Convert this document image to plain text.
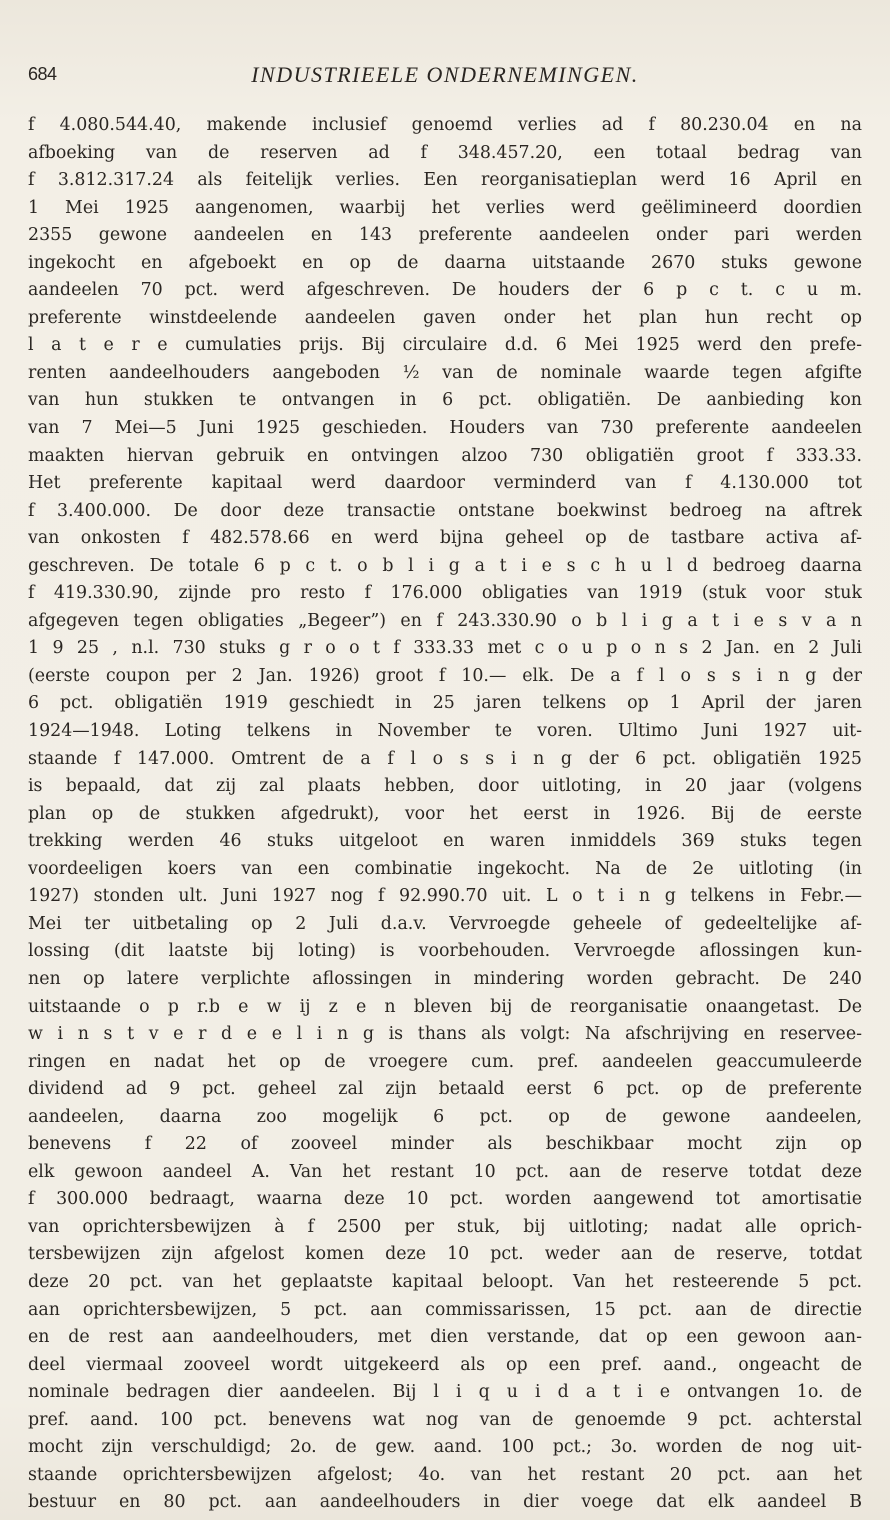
684	INDUSTRIEELE ONDERNEMINGEN.
f 4.080.544.40, makende inclusief genoemd verlies ad f 80.230.04 en na
afboeking van de reserven ad f 348.457.20, een totaal bedrag van
f 3.812.317.24 als feitelijk verlies. Een reorganisatieplan werd 16 April en
1 Mei 1925 aangenomen, waarbij het verlies werd geëlimineerd doordien
2355 gewone aandeelen en 143 preferente aandeelen onder pari werden
ingekocht en afgeboekt en op de daarna uitstaande 2670 stuks gewone
aandeelen 70 pct. werd afgeschreven. De houders der 6 p c t. c u m.
preferente winstdeelende aandeelen gaven onder het plan hun recht op
l a t e r e cumulaties prijs. Bij circulaire d.d. 6 Mei 1925 werd den prefe-
renten aandeelhouders aangeboden ½ van de nominale waarde tegen afgifte
van hun stukken te ontvangen in 6 pct. obligatiën. De aanbieding kon
van 7 Mei—5 Juni 1925 geschieden. Houders van 730 preferente aandeelen
maakten hiervan gebruik en ontvingen alzoo 730 obligatiën groot f 333.33.
Het preferente kapitaal werd daardoor verminderd van f 4.130.000 tot
f 3.400.000. De door deze transactie ontstane boekwinst bedroeg na aftrek
van onkosten f 482.578.66 en werd bijna geheel op de tastbare activa af-
geschreven. De totale 6 p c t. o b l i g a t i e s c h u l d bedroeg daarna
f 419.330.90, zijnde pro resto f 176.000 obligaties van 1919 (stuk voor stuk
afgegeven tegen obligaties „Begeer”) en f 243.330.90 o b l i g a t i e s v a n
1 9 25 , n.l. 730 stuks g r o o t f 333.33 met c o u p o n s 2 Jan. en 2 Juli
(eerste coupon per 2 Jan. 1926) groot f 10.— elk. De a f l o s s i n g der
6 pct. obligatiën 1919 geschiedt in 25 jaren telkens op 1 April der jaren
1924—1948. Loting telkens in November te voren. Ultimo Juni 1927 uit-
staande f 147.000. Omtrent de a f l o s s i n g der 6 pct. obligatiën 1925
is bepaald, dat zij zal plaats hebben, door uitloting, in 20 jaar (volgens
plan op de stukken afgedrukt), voor het eerst in 1926. Bij de eerste
trekking werden 46 stuks uitgeloot en waren inmiddels 369 stuks tegen
voordeeligen koers van een combinatie ingekocht. Na de 2e uitloting (in
1927) stonden ult. Juni 1927 nog f 92.990.70 uit. L o t i n g telkens in Febr.—
Mei ter uitbetaling op 2 Juli d.a.v. Vervroegde geheele of gedeeltelijke af-
lossing (dit laatste bij loting) is voorbehouden. Vervroegde aflossingen kun-
nen op latere verplichte aflossingen in mindering worden gebracht. De 240
uitstaande o p r.b e w ij z e n bleven bij de reorganisatie onaangetast. De
w i n s t v e r d e e l i n g is thans als volgt: Na afschrijving en reservee-
ringen en nadat het op de vroegere cum. pref. aandeelen geaccumuleerde
dividend ad 9 pct. geheel zal zijn betaald eerst 6 pct. op de preferente
aandeelen, daarna zoo mogelijk 6 pct. op de gewone aandeelen,
benevens f 22 of zooveel minder als beschikbaar mocht zijn op
elk gewoon aandeel A. Van het restant 10 pct. aan de reserve totdat deze
f 300.000 bedraagt, waarna deze 10 pct. worden aangewend tot amortisatie
van oprichtersbewijzen à f 2500 per stuk, bij uitloting; nadat alle oprich-
tersbewijzen zijn afgelost komen deze 10 pct. weder aan de reserve, totdat
deze 20 pct. van het geplaatste kapitaal beloopt. Van het resteerende 5 pct.
aan oprichtersbewijzen, 5 pct. aan commissarissen, 15 pct. aan de directie
en de rest aan aandeelhouders, met dien verstande, dat op een gewoon aan-
deel viermaal zooveel wordt uitgekeerd als op een pref. aand., ongeacht de
nominale bedragen dier aandeelen. Bij l i q u i d a t i e ontvangen 1o. de
pref. aand. 100 pct. benevens wat nog van de genoemde 9 pct. achterstal
mocht zijn verschuldigd; 2o. de gew. aand. 100 pct.; 3o. worden de nog uit-
staande oprichtersbewijzen afgelost; 4o. van het restant 20 pct. aan het
bestuur en 80 pct. aan aandeelhouders in dier voege dat elk aandeel B
